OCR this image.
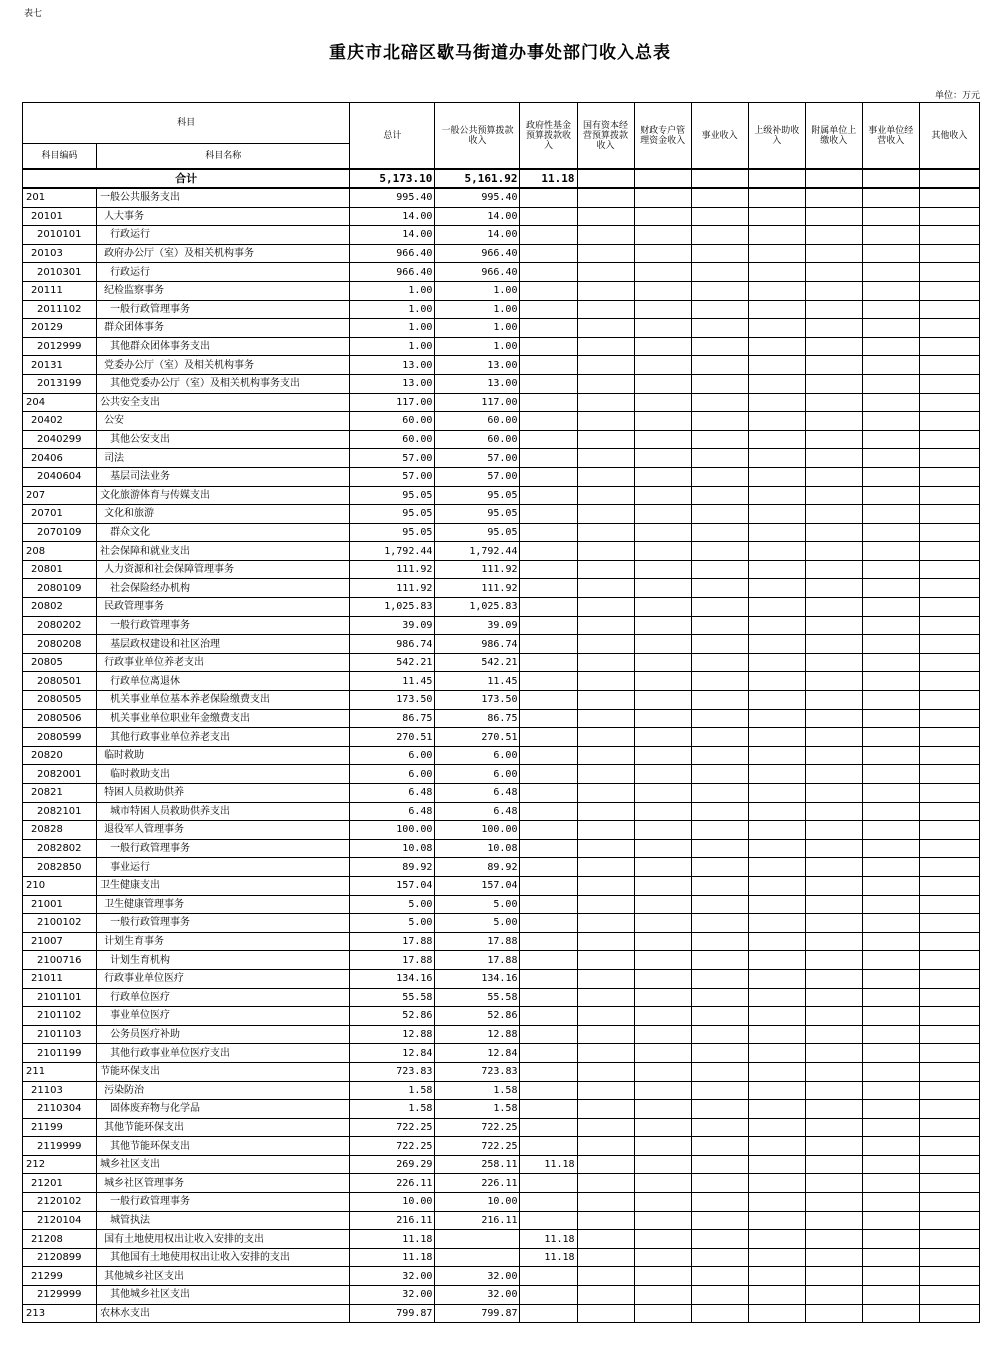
表七
重庆市北碚区歇马街道办事处部门收入总表
单位：万元
科目		总计	一般公共预算拨款收入	政府性基金预算拨款收入	国有资本经营预算拨款收入	财政专户管理资金收入	事业收入	上级补助收入	附属单位上缴收入	事业单位经营收入	其他收入
科目编码	科目名称										
合计		5,173.10	5,161.92	11.18							
201	一般公共服务支出	995.40	995.40								
20101	人大事务	14.00	14.00								
2010101	行政运行	14.00	14.00								
20103	政府办公厅（室）及相关机构事务	966.40	966.40								
2010301	行政运行	966.40	966.40								
20111	纪检监察事务	1.00	1.00								
2011102	一般行政管理事务	1.00	1.00								
20129	群众团体事务	1.00	1.00								
2012999	其他群众团体事务支出	1.00	1.00								
20131	党委办公厅（室）及相关机构事务	13.00	13.00								
2013199	其他党委办公厅（室）及相关机构事务支出	13.00	13.00								
204	公共安全支出	117.00	117.00								
20402	公安	60.00	60.00								
2040299	其他公安支出	60.00	60.00								
20406	司法	57.00	57.00								
2040604	基层司法业务	57.00	57.00								
207	文化旅游体育与传媒支出	95.05	95.05								
20701	文化和旅游	95.05	95.05								
2070109	群众文化	95.05	95.05								
208	社会保障和就业支出	1,792.44	1,792.44								
20801	人力资源和社会保障管理事务	111.92	111.92								
2080109	社会保险经办机构	111.92	111.92								
20802	民政管理事务	1,025.83	1,025.83								
2080202	一般行政管理事务	39.09	39.09								
2080208	基层政权建设和社区治理	986.74	986.74								
20805	行政事业单位养老支出	542.21	542.21								
2080501	行政单位离退休	11.45	11.45								
2080505	机关事业单位基本养老保险缴费支出	173.50	173.50								
2080506	机关事业单位职业年金缴费支出	86.75	86.75								
2080599	其他行政事业单位养老支出	270.51	270.51								
20820	临时救助	6.00	6.00								
2082001	临时救助支出	6.00	6.00								
20821	特困人员救助供养	6.48	6.48								
2082101	城市特困人员救助供养支出	6.48	6.48								
20828	退役军人管理事务	100.00	100.00								
2082802	一般行政管理事务	10.08	10.08								
2082850	事业运行	89.92	89.92								
210	卫生健康支出	157.04	157.04								
21001	卫生健康管理事务	5.00	5.00								
2100102	一般行政管理事务	5.00	5.00								
21007	计划生育事务	17.88	17.88								
2100716	计划生育机构	17.88	17.88								
21011	行政事业单位医疗	134.16	134.16								
2101101	行政单位医疗	55.58	55.58								
2101102	事业单位医疗	52.86	52.86								
2101103	公务员医疗补助	12.88	12.88								
2101199	其他行政事业单位医疗支出	12.84	12.84								
211	节能环保支出	723.83	723.83								
21103	污染防治	1.58	1.58								
2110304	固体废弃物与化学品	1.58	1.58								
21199	其他节能环保支出	722.25	722.25								
2119999	其他节能环保支出	722.25	722.25								
212	城乡社区支出	269.29	258.11	11.18							
21201	城乡社区管理事务	226.11	226.11								
2120102	一般行政管理事务	10.00	10.00								
2120104	城管执法	216.11	216.11								
21208	国有土地使用权出让收入安排的支出	11.18		11.18							
2120899	其他国有土地使用权出让收入安排的支出	11.18		11.18							
21299	其他城乡社区支出	32.00	32.00								
2129999	其他城乡社区支出	32.00	32.00								
213	农林水支出	799.87	799.87								
